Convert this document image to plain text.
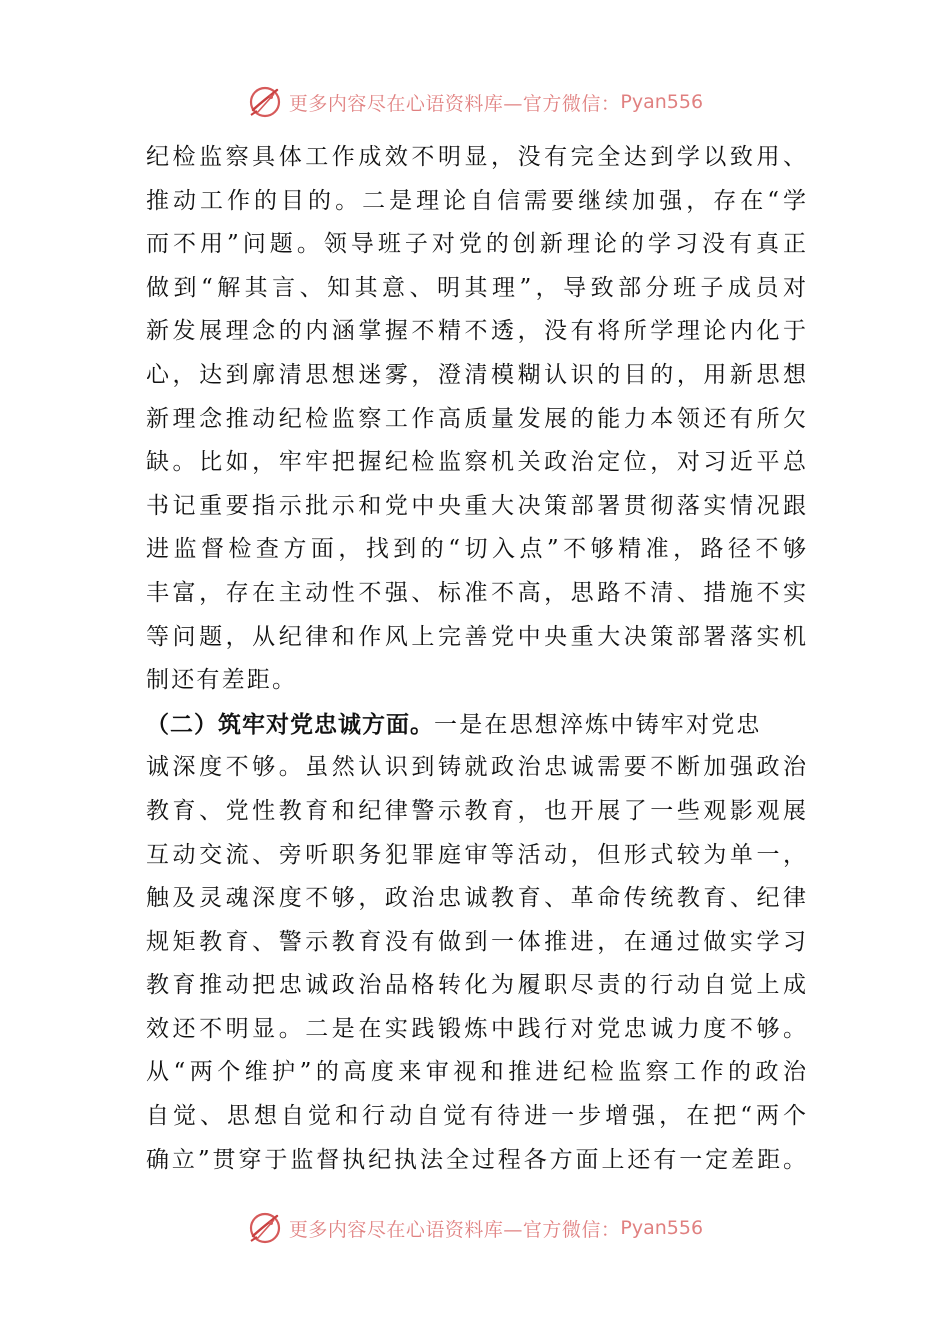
更多内容尽在心语资料库—官方微信： Pyan556
纪检监察具体工作成效不明显，没有完全达到学以致用、
推动工作的目的。二是理论自信需要继续加强，存在“学
而不用”问题。领导班子对党的创新理论的学习没有真正
做到“解其言、知其意、明其理”，导致部分班子成员对
新发展理念的内涵掌握不精不透，没有将所学理论内化于
心，达到廓清思想迷雾，澄清模糊认识的目的，用新思想
新理念推动纪检监察工作高质量发展的能力本领还有所欠
缺。比如，牢牢把握纪检监察机关政治定位，对习近平总
书记重要指示批示和党中央重大决策部署贯彻落实情况跟
进监督检查方面，找到的“切入点”不够精准，路径不够
丰富，存在主动性不强、标准不高，思路不清、措施不实
等问题，从纪律和作风上完善党中央重大决策部署落实机
制还有差距。
（二）筑牢对党忠诚方面。一是在思想淬炼中铸牢对党忠
诚深度不够。虽然认识到铸就政治忠诚需要不断加强政治
教育、党性教育和纪律警示教育，也开展了一些观影观展
互动交流、旁听职务犯罪庭审等活动，但形式较为单一，
触及灵魂深度不够，政治忠诚教育、革命传统教育、纪律
规矩教育、警示教育没有做到一体推进，在通过做实学习
教育推动把忠诚政治品格转化为履职尽责的行动自觉上成
效还不明显。二是在实践锻炼中践行对党忠诚力度不够。
从“两个维护”的高度来审视和推进纪检监察工作的政治
自觉、思想自觉和行动自觉有待进一步增强，在把“两个
确立”贯穿于监督执纪执法全过程各方面上还有一定差距。
更多内容尽在心语资料库—官方微信： Pyan556
